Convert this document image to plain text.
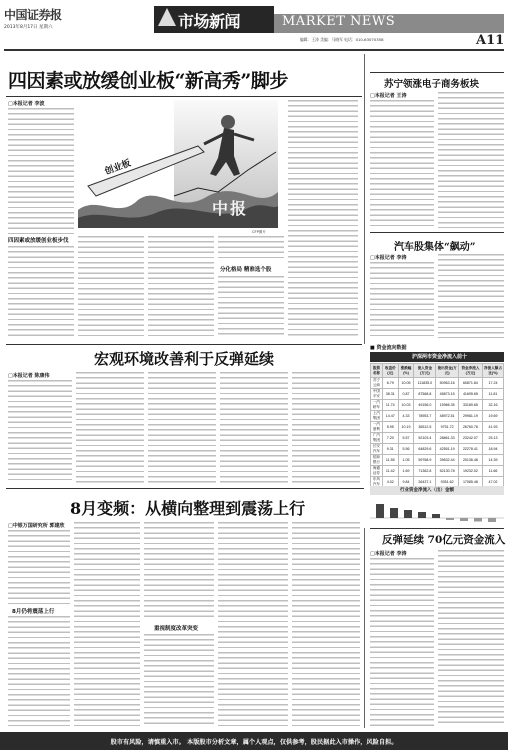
中国证券报
2013年8月17日 星期六	市场新闻	MARKET NEWS
编辑：王涛 美编：马晓军 电话：010-63070358	A11
四因素或放缓创业板“新高秀”脚步
□本报记者 李波
四因素或放缓创业板步伐
创业板
中报
CFP图片
分化格局 精准选个股
苏宁领涨电子商务板块
□本报记者 王涛
汽车股集体“飙动”
□本报记者 李涛
宏观环境改善利于反弹延续
□本报记者 陈康伟
■ 资金流向数据
沪深两市资金净流入前十
股票名称	收盘价(元)	涨跌幅(%)	流入资金(万元)	流出资金(万元)	资金净流入(万元)	净流入额占比(%)
苏宁云商	6.79	10.05	111835.0	50963.16	60871.84	17.24
中国平安	38.31	0.87	87568.8	45873.15	41695.65	11.81
一汽轿车	11.74	10.03	49156.0	15966.35	33189.65	32.16
上汽集团	14.47	4.33	78953.7	48972.51	29981.19	19.69
一汽夏利	5.95	10.19	36512.5	9751.72	26760.78	41.93
广汽集团	7.20	5.57	52103.4	28861.33	23242.07	25.13
长安汽车	9.31	5.56	64829.6	42551.19	22278.41	18.94
招商银行	11.55	1.05	59768.9	39632.44	20136.46	14.39
海通证券	11.42	1.69	71362.8	52130.78	19232.02	11.66
东风汽车	4.02	9.84	26437.1	9351.62	17085.48	47.02
行业资金净流入（出）金额
8月变频：从横向整理到震荡上行
□中银万国研究所 郭建欣
8月仍将震荡上行
重视制度改革突变
反弹延续 70亿元资金流入
□本报记者 李涛
股市有风险，请慎重入市。 本版股市分析文章，属个人观点，仅供参考，股民据此入市操作，风险自担。
